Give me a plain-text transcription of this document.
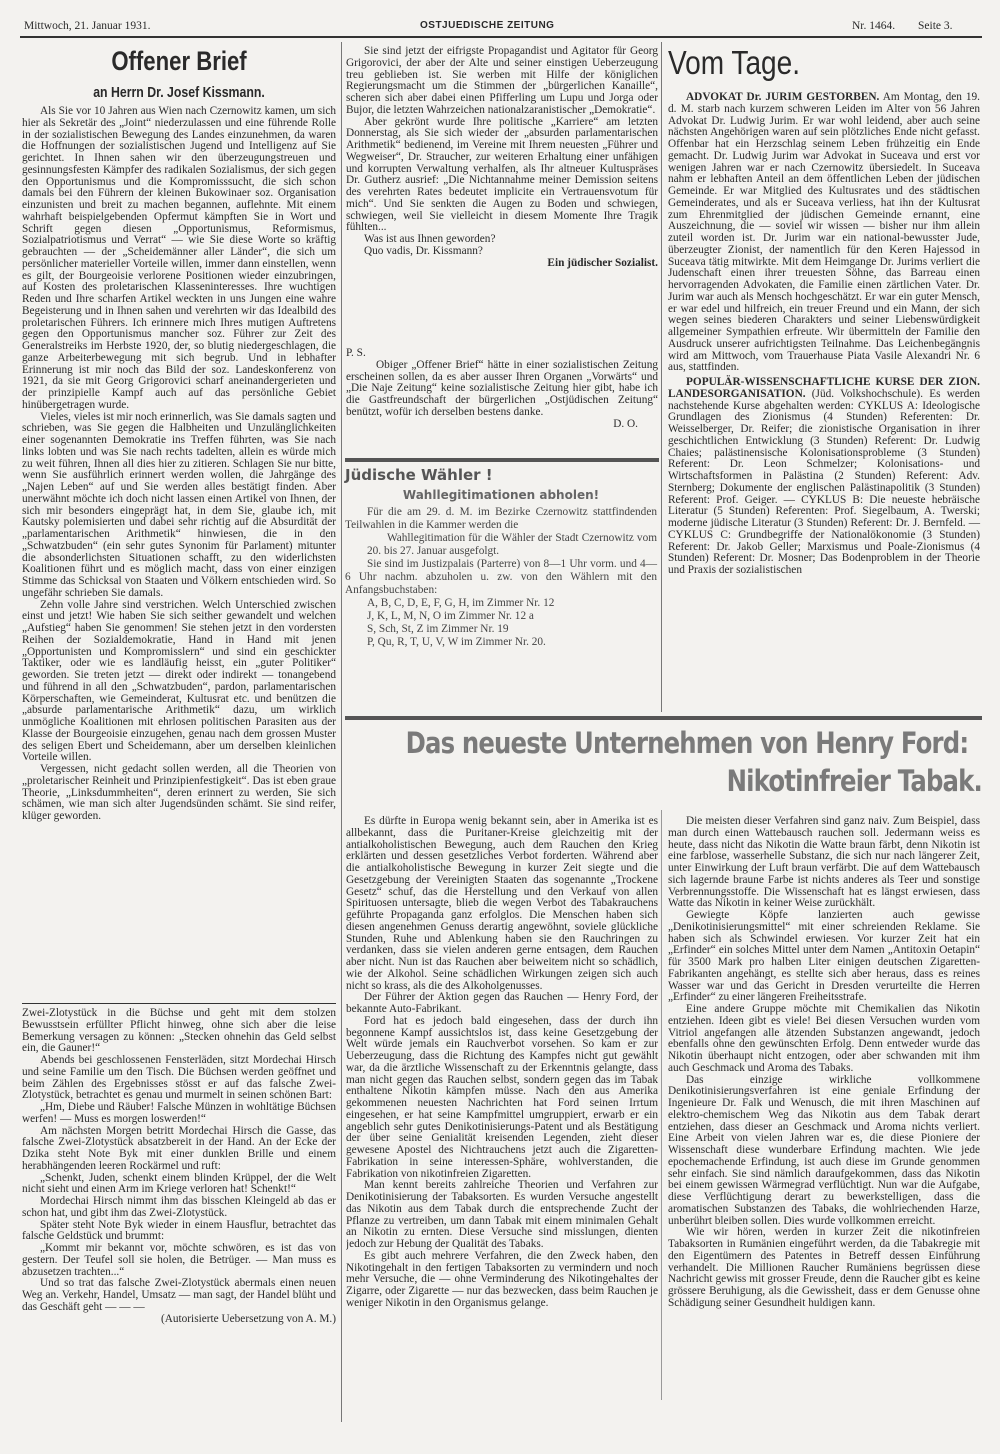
Mittwoch, 21. Januar 1931.	OSTJUEDISCHE ZEITUNG	Nr. 1464. Seite 3.
Offener Brief
an Herrn Dr. Josef Kissmann.

Als Sie vor 10 Jahren aus Wien nach Czernowitz kamen, um sich hier als Sekretär des „Joint“ niederzulassen und eine führende Rolle in der sozialistischen Bewegung des Landes einzunehmen, da waren die Hoffnungen der sozialistischen Jugend und Intelligenz auf Sie gerichtet. In Ihnen sahen wir den überzeugungstreuen und gesinnungsfesten Kämpfer des radikalen Sozialismus, der sich gegen den Opportunismus und die Kompromisssucht, die sich schon damals bei den Führern der kleinen Bukowinaer soz. Organisation einzunisten und breit zu machen begannen, auflehnte. Mit einem wahrhaft beispielgebenden Opfermut kämpften Sie in Wort und Schrift gegen diesen „Opportunismus, Reformismus, Sozialpatriotismus und Verrat“ — wie Sie diese Worte so kräftig gebrauchten — der „Scheidemänner aller Länder“, die sich um persönlicher materieller Vorteile willen, immer dann einstellen, wenn es gilt, der Bourgeoisie verlorene Positionen wieder einzubringen, auf Kosten des proletarischen Klasseninteresses. Ihre wuchtigen Reden und Ihre scharfen Artikel weckten in uns Jungen eine wahre Begeisterung und in Ihnen sahen und verehrten wir das Idealbild des proletarischen Führers. Ich erinnere mich Ihres mutigen Auftretens gegen den Opportunismus mancher soz. Führer zur Zeit des Generalstreiks im Herbste 1920, der, so blutig niedergeschlagen, die ganze Arbeiterbewegung mit sich begrub. Und in lebhafter Erinnerung ist mir noch das Bild der soz. Landeskonferenz von 1921, da sie mit Georg Grigorovici scharf aneinandergerieten und der prinzipielle Kampf auch auf das persönliche Gebiet hinübergetragen wurde.

Vieles, vieles ist mir noch erinnerlich, was Sie damals sagten und schrieben, was Sie gegen die Halbheiten und Unzulänglichkeiten einer sogenannten Demokratie ins Treffen führten, was Sie nach links lobten und was Sie nach rechts tadelten, allein es würde mich zu weit führen, Ihnen all dies hier zu zitieren. Schlagen Sie nur bitte, wenn Sie ausführlich erinnert werden wollen, die Jahrgänge des „Najen Leben“ auf und Sie werden alles bestätigt finden. Aber unerwähnt möchte ich doch nicht lassen einen Artikel von Ihnen, der sich mir besonders eingeprägt hat, in dem Sie, glaube ich, mit Kautsky polemisierten und dabei sehr richtig auf die Absurdität der „parlamentarischen Arithmetik“ hinwiesen, die in den „Schwatzbuden“ (ein sehr gutes Synonim für Parlament) mitunter die absonderlichsten Situationen schafft, zu den widerlichsten Koalitionen führt und es möglich macht, dass von einer einzigen Stimme das Schicksal von Staaten und Völkern entschieden wird. So ungefähr schrieben Sie damals.

Zehn volle Jahre sind verstrichen. Welch Unterschied zwischen einst und jetzt! Wie haben Sie sich seither gewandelt und welchen „Aufstieg“ haben Sie genommen! Sie stehen jetzt in den vordersten Reihen der Sozialdemokratie, Hand in Hand mit jenen „Opportunisten und Kompromisslern“ und sind ein geschickter Taktiker, oder wie es landläufig heisst, ein „guter Politiker“ geworden. Sie treten jetzt — direkt oder indirekt — tonangebend und führend in all den „Schwatzbuden“, pardon, parlamentarischen Körperschaften, wie Gemeinderat, Kultusrat etc. und benützen die „absurde parlamentarische Arithmetik“ dazu, um wirklich unmögliche Koalitionen mit ehrlosen politischen Parasiten aus der Klasse der Bourgeoisie einzugehen, genau nach dem grossen Muster des seligen Ebert und Scheidemann, aber um derselben kleinlichen Vorteile willen.

Vergessen, nicht gedacht sollen werden, all die Theorien von „proletarischer Reinheit und Prinzipienfestigkeit“. Das ist eben graue Theorie, „Linksdummheiten“, deren erinnert zu werden, Sie sich schämen, wie man sich alter Jugendsünden schämt. Sie sind reifer, klüger geworden.

Zwei-Zlotystück in die Büchse und geht mit dem stolzen Bewusstsein erfüllter Pflicht hinweg, ohne sich aber die leise Bemerkung versagen zu können: „Stecken ohnehin das Geld selbst ein, die Gauner!“

Abends bei geschlossenen Fensterläden, sitzt Mordechai Hirsch und seine Familie um den Tisch. Die Büchsen werden geöffnet und beim Zählen des Ergebnisses stösst er auf das falsche Zwei-Zlotystück, betrachtet es genau und murmelt in seinen schönen Bart:

„Hm, Diebe und Räuber! Falsche Münzen in wohltätige Büchsen werfen! — Muss es morgen loswerden!“

Am nächsten Morgen betritt Mordechai Hirsch die Gasse, das falsche Zwei-Zlotystück absatzbereit in der Hand. An der Ecke der Dzika steht Note Byk mit einer dunklen Brille und einem herabhängenden leeren Rockärmel und ruft:

„Schenkt, Juden, schenkt einem blinden Krüppel, der die Welt nicht sieht und einen Arm im Kriege verloren hat! Schenkt!“

Mordechai Hirsch nimmt ihm das bisschen Kleingeld ab das er schon hat, und gibt ihm das Zwei-Zlotystück.

Später steht Note Byk wieder in einem Hausflur, betrachtet das falsche Geldstück und brummt:

„Kommt mir bekannt vor, möchte schwören, es ist das von gestern. Der Teufel soll sie holen, die Betrüger. — Man muss es abzusetzen trachten...“

Und so trat das falsche Zwei-Zlotystück abermals einen neuen Weg an. Verkehr, Handel, Umsatz — man sagt, der Handel blüht und das Geschäft geht — — —

(Autorisierte Uebersetzung von A. M.)

Sie sind jetzt der eifrigste Propagandist und Agitator für Georg Grigorovici, der aber der Alte und seiner einstigen Ueberzeugung treu geblieben ist. Sie werben mit Hilfe der königlichen Regierungsmacht um die Stimmen der „bürgerlichen Kanaille“, scheren sich aber dabei einen Pfifferling um Lupu und Jorga oder Bujor, die letzten Wahrzeichen nationalzaranistischer „Demokratie“.

Aber gekrönt wurde Ihre politische „Karriere“ am letzten Donnerstag, als Sie sich wieder der „absurden parlamentarischen Arithmetik“ bedienend, im Vereine mit Ihrem neuesten „Führer und Wegweiser“, Dr. Straucher, zur weiteren Erhaltung einer unfähigen und korrupten Verwaltung verhalfen, als Ihr altneuer Kultuspräses Dr. Gutherz ausrief: „Die Nichtannahme meiner Demission seitens des verehrten Rates bedeutet implicite ein Vertrauensvotum für mich“. Und Sie senkten die Augen zu Boden und schwiegen, schwiegen, weil Sie vielleicht in diesem Momente Ihre Tragik fühlten...

Was ist aus Ihnen geworden?

Quo vadis, Dr. Kissmann?

Ein jüdischer Sozialist.

P. S.

Obiger „Offener Brief“ hätte in einer sozialistischen Zeitung erscheinen sollen, da es aber ausser Ihren Organen „Vorwärts“ und „Die Naje Zeitung“ keine sozialistische Zeitung hier gibt, habe ich die Gastfreundschaft der bürgerlichen „Ostjüdischen Zeitung“ benützt, wofür ich derselben bestens danke.

D. O.

Jüdische Wähler !
Wahllegitimationen abholen!

Für die am 29. d. M. im Bezirke Czernowitz stattfindenden Teilwahlen in die Kammer werden die

Wahllegitimation für die Wähler der Stadt Czernowitz vom 20. bis 27. Januar ausgefolgt.

Sie sind im Justizpalais (Parterre) von 8—1 Uhr vorm. und 4—6 Uhr nachm. abzuholen u. zw. von den Wählern mit den Anfangsbuchstaben:

A, B, C, D, E, F, G, H, im Zimmer Nr. 12

J, K, L, M, N, O im Zimmer Nr. 12 a

S, Sch, St, Z im Zimmer Nr. 19

P, Qu, R, T, U, V, W im Zimmer Nr. 20.

Vom Tage.

ADVOKAT Dr. JURIM GESTORBEN. Am Montag, den 19. d. M. starb nach kurzem schweren Leiden im Alter von 56 Jahren Advokat Dr. Ludwig Jurim. Er war wohl leidend, aber auch seine nächsten Angehörigen waren auf sein plötzliches Ende nicht gefasst. Offenbar hat ein Herzschlag seinem Leben frühzeitig ein Ende gemacht. Dr. Ludwig Jurim war Advokat in Suceava und erst vor wenigen Jahren war er nach Czernowitz übersiedelt. In Suceava nahm er lebhaften Anteil an dem öffentlichen Leben der jüdischen Gemeinde. Er war Mitglied des Kultusrates und des städtischen Gemeinderates, und als er Suceava verliess, hat ihn der Kultusrat zum Ehrenmitglied der jüdischen Gemeinde ernannt, eine Auszeichnung, die — soviel wir wissen — bisher nur ihm allein zuteil worden ist. Dr. Jurim war ein national-bewusster Jude, überzeugter Zionist, der namentlich für den Keren Hajessod in Suceava tätig mitwirkte. Mit dem Heimgange Dr. Jurims verliert die Judenschaft einen ihrer treuesten Söhne, das Barreau einen hervorragenden Advokaten, die Familie einen zärtlichen Vater. Dr. Jurim war auch als Mensch hochgeschätzt. Er war ein guter Mensch, er war edel und hilfreich, ein treuer Freund und ein Mann, der sich wegen seines biederen Charakters und seiner Liebenswürdigkeit allgemeiner Sympathien erfreute. Wir übermitteln der Familie den Ausdruck unserer aufrichtigsten Teilnahme. Das Leichenbegängnis wird am Mittwoch, vom Trauerhause Piata Vasile Alexandri Nr. 6 aus, stattfinden.

POPULÄR-WISSENSCHAFTLICHE KURSE DER ZION. LANDESORGANISATION. (Jüd. Volkshochschule). Es werden nachstehende Kurse abgehalten werden: CYKLUS A: Ideologische Grundlagen des Zionismus (4 Stunden) Referenten: Dr. Weisselberger, Dr. Reifer; die zionistische Organisation in ihrer geschichtlichen Entwicklung (3 Stunden) Referent: Dr. Ludwig Chaies; palästinensische Kolonisationsprobleme (3 Stunden) Referent: Dr. Leon Schmelzer; Kolonisations- und Wirtschaftsformen in Palästina (2 Stunden) Referent: Adv. Sternberg; Dokumente der englischen Palästinapolitik (3 Stunden) Referent: Prof. Geiger. — CYKLUS B: Die neueste hebräische Literatur (5 Stunden) Referenten: Prof. Siegelbaum, A. Twerski; moderne jüdische Literatur (3 Stunden) Referent: Dr. J. Bernfeld. — CYKLUS C: Grundbegriffe der Nationalökonomie (3 Stunden) Referent: Dr. Jakob Geller; Marxismus und Poale-Zionismus (4 Stunden) Referent: Dr. Mosner; Das Bodenproblem in der Theorie und Praxis der sozialistischen

Das neueste Unternehmen von Henry Ford:
Nikotinfreier Tabak.

Es dürfte in Europa wenig bekannt sein, aber in Amerika ist es allbekannt, dass die Puritaner-Kreise gleichzeitig mit der antialkoholistischen Bewegung, auch dem Rauchen den Krieg erklärten und dessen gesetzliches Verbot forderten. Während aber die antialkoholistische Bewegung in kurzer Zeit siegte und die Gesetzgebung der Vereinigten Staaten das sogenannte „Trockene Gesetz“ schuf, das die Herstellung und den Verkauf von allen Spirituosen untersagte, blieb die wegen Verbot des Tabakrauchens geführte Propaganda ganz erfolglos. Die Menschen haben sich diesen angenehmen Genuss derartig angewöhnt, soviele glückliche Stunden, Ruhe und Ablenkung haben sie den Rauchringen zu verdanken, dass sie vielen anderen gerne entsagen, dem Rauchen aber nicht. Nun ist das Rauchen aber beiweitem nicht so schädlich, wie der Alkohol. Seine schädlichen Wirkungen zeigen sich auch nicht so krass, als die des Alkoholgenusses.

Der Führer der Aktion gegen das Rauchen — Henry Ford, der bekannte Auto-Fabrikant.

Ford hat es jedoch bald eingesehen, dass der durch ihn begonnene Kampf aussichtslos ist, dass keine Gesetzgebung der Welt würde jemals ein Rauchverbot vorsehen. So kam er zur Ueberzeugung, dass die Richtung des Kampfes nicht gut gewählt war, da die ärztliche Wissenschaft zu der Erkenntnis gelangte, dass man nicht gegen das Rauchen selbst, sondern gegen das im Tabak enthaltene Nikotin kämpfen müsse. Nach den aus Amerika gekommenen neuesten Nachrichten hat Ford seinen Irrtum eingesehen, er hat seine Kampfmittel umgruppiert, erwarb er ein angeblich sehr gutes Denikotinisierungs-Patent und als Bestätigung der über seine Genialität kreisenden Legenden, zieht dieser gewesene Apostel des Nichtrauchens jetzt auch die Zigaretten-Fabrikation in seine interessen-Sphäre, wohlverstanden, die Fabrikation von nikotinfreien Zigaretten.

Man kennt bereits zahlreiche Theorien und Verfahren zur Denikotinisierung der Tabaksorten. Es wurden Versuche angestellt das Nikotin aus dem Tabak durch die entsprechende Zucht der Pflanze zu vertreiben, um dann Tabak mit einem minimalen Gehalt an Nikotin zu ernten. Diese Versuche sind misslungen, dienten jedoch zur Hebung der Qualität des Tabaks.

Es gibt auch mehrere Verfahren, die den Zweck haben, den Nikotingehalt in den fertigen Tabaksorten zu vermindern und noch mehr Versuche, die — ohne Verminderung des Nikotingehaltes der Zigarre, oder Zigarette — nur das bezwecken, dass beim Rauchen je weniger Nikotin in den Organismus gelange.

Die meisten dieser Verfahren sind ganz naiv. Zum Beispiel, dass man durch einen Wattebausch rauchen soll. Jedermann weiss es heute, dass nicht das Nikotin die Watte braun färbt, denn Nikotin ist eine farblose, wasserhelle Substanz, die sich nur nach längerer Zeit, unter Einwirkung der Luft braun verfärbt. Die auf dem Wattebausch sich lagernde braune Farbe ist nichts anderes als Teer und sonstige Verbrennungsstoffe. Die Wissenschaft hat es längst erwiesen, dass Watte das Nikotin in keiner Weise zurückhält.

Gewiegte Köpfe lanzierten auch gewisse „Denikotinisierungsmittel“ mit einer schreienden Reklame. Sie haben sich als Schwindel erwiesen. Vor kurzer Zeit hat ein „Erfinder“ ein solches Mittel unter dem Namen „Antitoxin Oetapin“ für 3500 Mark pro halben Liter einigen deutschen Zigaretten-Fabrikanten angehängt, es stellte sich aber heraus, dass es reines Wasser war und das Gericht in Dresden verurteilte die Herren „Erfinder“ zu einer längeren Freiheitsstrafe.

Eine andere Gruppe möchte mit Chemikalien das Nikotin entziehen. Ideen gibt es viele! Bei diesen Versuchen wurden vom Vitriol angefangen alle ätzenden Substanzen angewandt, jedoch ebenfalls ohne den gewünschten Erfolg. Denn entweder wurde das Nikotin überhaupt nicht entzogen, oder aber schwanden mit ihm auch Geschmack und Aroma des Tabaks.

Das einzige wirkliche vollkommene Denikotinisierungsverfahren ist eine geniale Erfindung der Ingenieure Dr. Falk und Wenusch, die mit ihren Maschinen auf elektro-chemischem Weg das Nikotin aus dem Tabak derart entziehen, dass dieser an Geschmack und Aroma nichts verliert. Eine Arbeit von vielen Jahren war es, die diese Pioniere der Wissenschaft diese wunderbare Erfindung machten. Wie jede epochemachende Erfindung, ist auch diese im Grunde genommen sehr einfach. Sie sind nämlich daraufgekommen, dass das Nikotin bei einem gewissen Wärmegrad verflüchtigt. Nun war die Aufgabe, diese Verflüchtigung derart zu bewerkstelligen, dass die aromatischen Substanzen des Tabaks, die wohlriechenden Harze, unberührt bleiben sollen. Dies wurde vollkommen erreicht.

Wie wir hören, werden in kurzer Zeit die nikotinfreien Tabaksorten in Rumänien eingeführt werden, da die Tabakregie mit den Eigentümern des Patentes in Betreff dessen Einführung verhandelt. Die Millionen Raucher Rumäniens begrüssen diese Nachricht gewiss mit grosser Freude, denn die Raucher gibt es keine grössere Beruhigung, als die Gewissheit, dass er dem Genusse ohne Schädigung seiner Gesundheit huldigen kann.
